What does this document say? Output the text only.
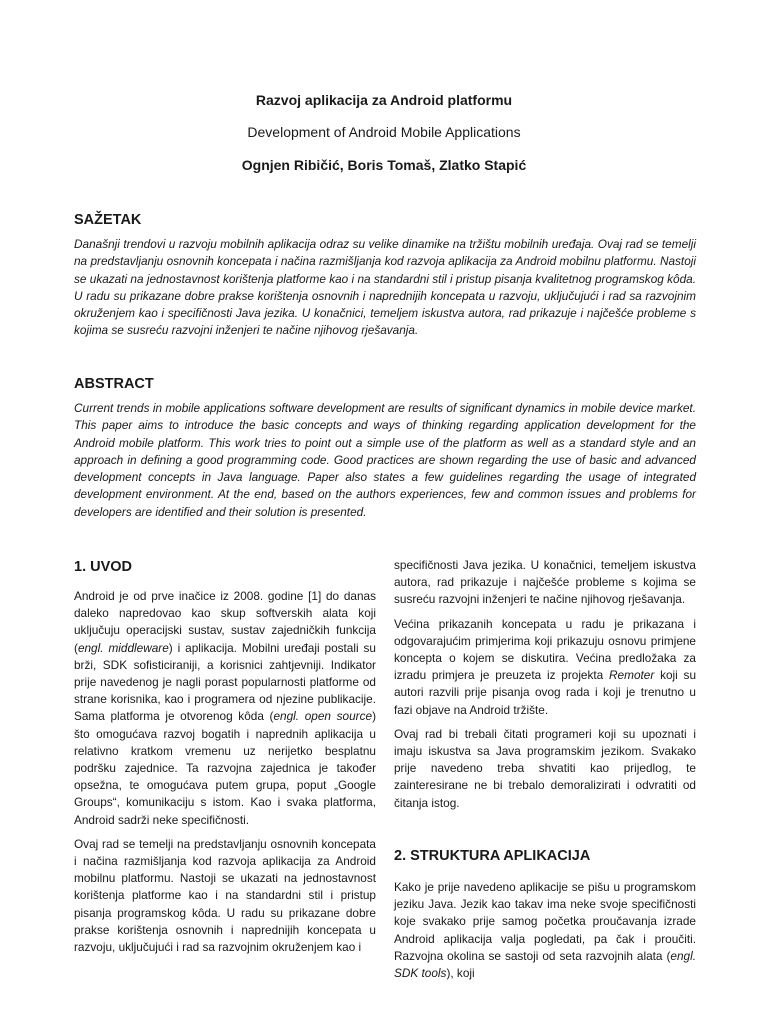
Razvoj aplikacija za Android platformu
Development of Android Mobile Applications
Ognjen Ribičić, Boris Tomaš, Zlatko Stapić
SAŽETAK
Današnji trendovi u razvoju mobilnih aplikacija odraz su velike dinamike na tržištu mobilnih uređaja. Ovaj rad se temelji na predstavljanju osnovnih koncepata i načina razmišljanja kod razvoja aplikacija za Android mobilnu platformu. Nastoji se ukazati na jednostavnost korištenja platforme kao i na standardni stil i pristup pisanja kvalitetnog programskog kôda. U radu su prikazane dobre prakse korištenja osnovnih i naprednijih koncepata u razvoju, uključujući i rad sa razvojnim okruženjem kao i specifičnosti Java jezika. U konačnici, temeljem iskustva autora, rad prikazuje i najčešće probleme s kojima se susreću razvojni inženjeri te načine njihovog rješavanja.
ABSTRACT
Current trends in mobile applications software development are results of significant dynamics in mobile device market. This paper aims to introduce the basic concepts and ways of thinking regarding application development for the Android mobile platform. This work tries to point out a simple use of the platform as well as a standard style and an approach in defining a good programming code. Good practices are shown regarding the use of basic and advanced development concepts in Java language. Paper also states a few guidelines regarding the usage of integrated development environment. At the end, based on the authors experiences, few and common issues and problems for developers are identified and their solution is presented.
1. UVOD

Android je od prve inačice iz 2008. godine [1] do danas daleko napredovao kao skup softverskih alata koji uključuju operacijski sustav, sustav zajedničkih funkcija (engl. middleware) i aplikacija. Mobilni uređaji postali su brži, SDK sofisticiraniji, a korisnici zahtjevniji. Indikator prije navedenog je nagli porast popularnosti platforme od strane korisnika, kao i programera od njezine publikacije. Sama platforma je otvorenog kôda (engl. open source) što omogućava razvoj bogatih i naprednih aplikacija u relativno kratkom vremenu uz nerijetko besplatnu podršku zajednice. Ta razvojna zajednica je također opsežna, te omogućava putem grupa, poput „Google Groups“, komunikaciju s istom. Kao i svaka platforma, Android sadrži neke specifičnosti.

Ovaj rad se temelji na predstavljanju osnovnih koncepata i načina razmišljanja kod razvoja aplikacija za Android mobilnu platformu. Nastoji se ukazati na jednostavnost korištenja platforme kao i na standardni stil i pristup pisanja programskog kôda. U radu su prikazane dobre prakse korištenja osnovnih i naprednijih koncepata u razvoju, uključujući i rad sa razvojnim okruženjem kao i

specifičnosti Java jezika. U konačnici, temeljem iskustva autora, rad prikazuje i najčešće probleme s kojima se susreću razvojni inženjeri te načine njihovog rješavanja.

Većina prikazanih koncepata u radu je prikazana i odgovarajućim primjerima koji prikazuju osnovu primjene koncepta o kojem se diskutira. Većina predložaka za izradu primjera je preuzeta iz projekta Remoter koji su autori razvili prije pisanja ovog rada i koji je trenutno u fazi objave na Android tržište.

Ovaj rad bi trebali čitati programeri koji su upoznati i imaju iskustva sa Java programskim jezikom. Svakako prije navedeno treba shvatiti kao prijedlog, te zainteresirane ne bi trebalo demoralizirati i odvratiti od čitanja istog.

2. STRUKTURA APLIKACIJA

Kako je prije navedeno aplikacije se pišu u programskom jeziku Java. Jezik kao takav ima neke svoje specifičnosti koje svakako prije samog početka proučavanja izrade Android aplikacija valja pogledati, pa čak i proučiti. Razvojna okolina se sastoji od seta razvojnih alata (engl. SDK tools), koji
